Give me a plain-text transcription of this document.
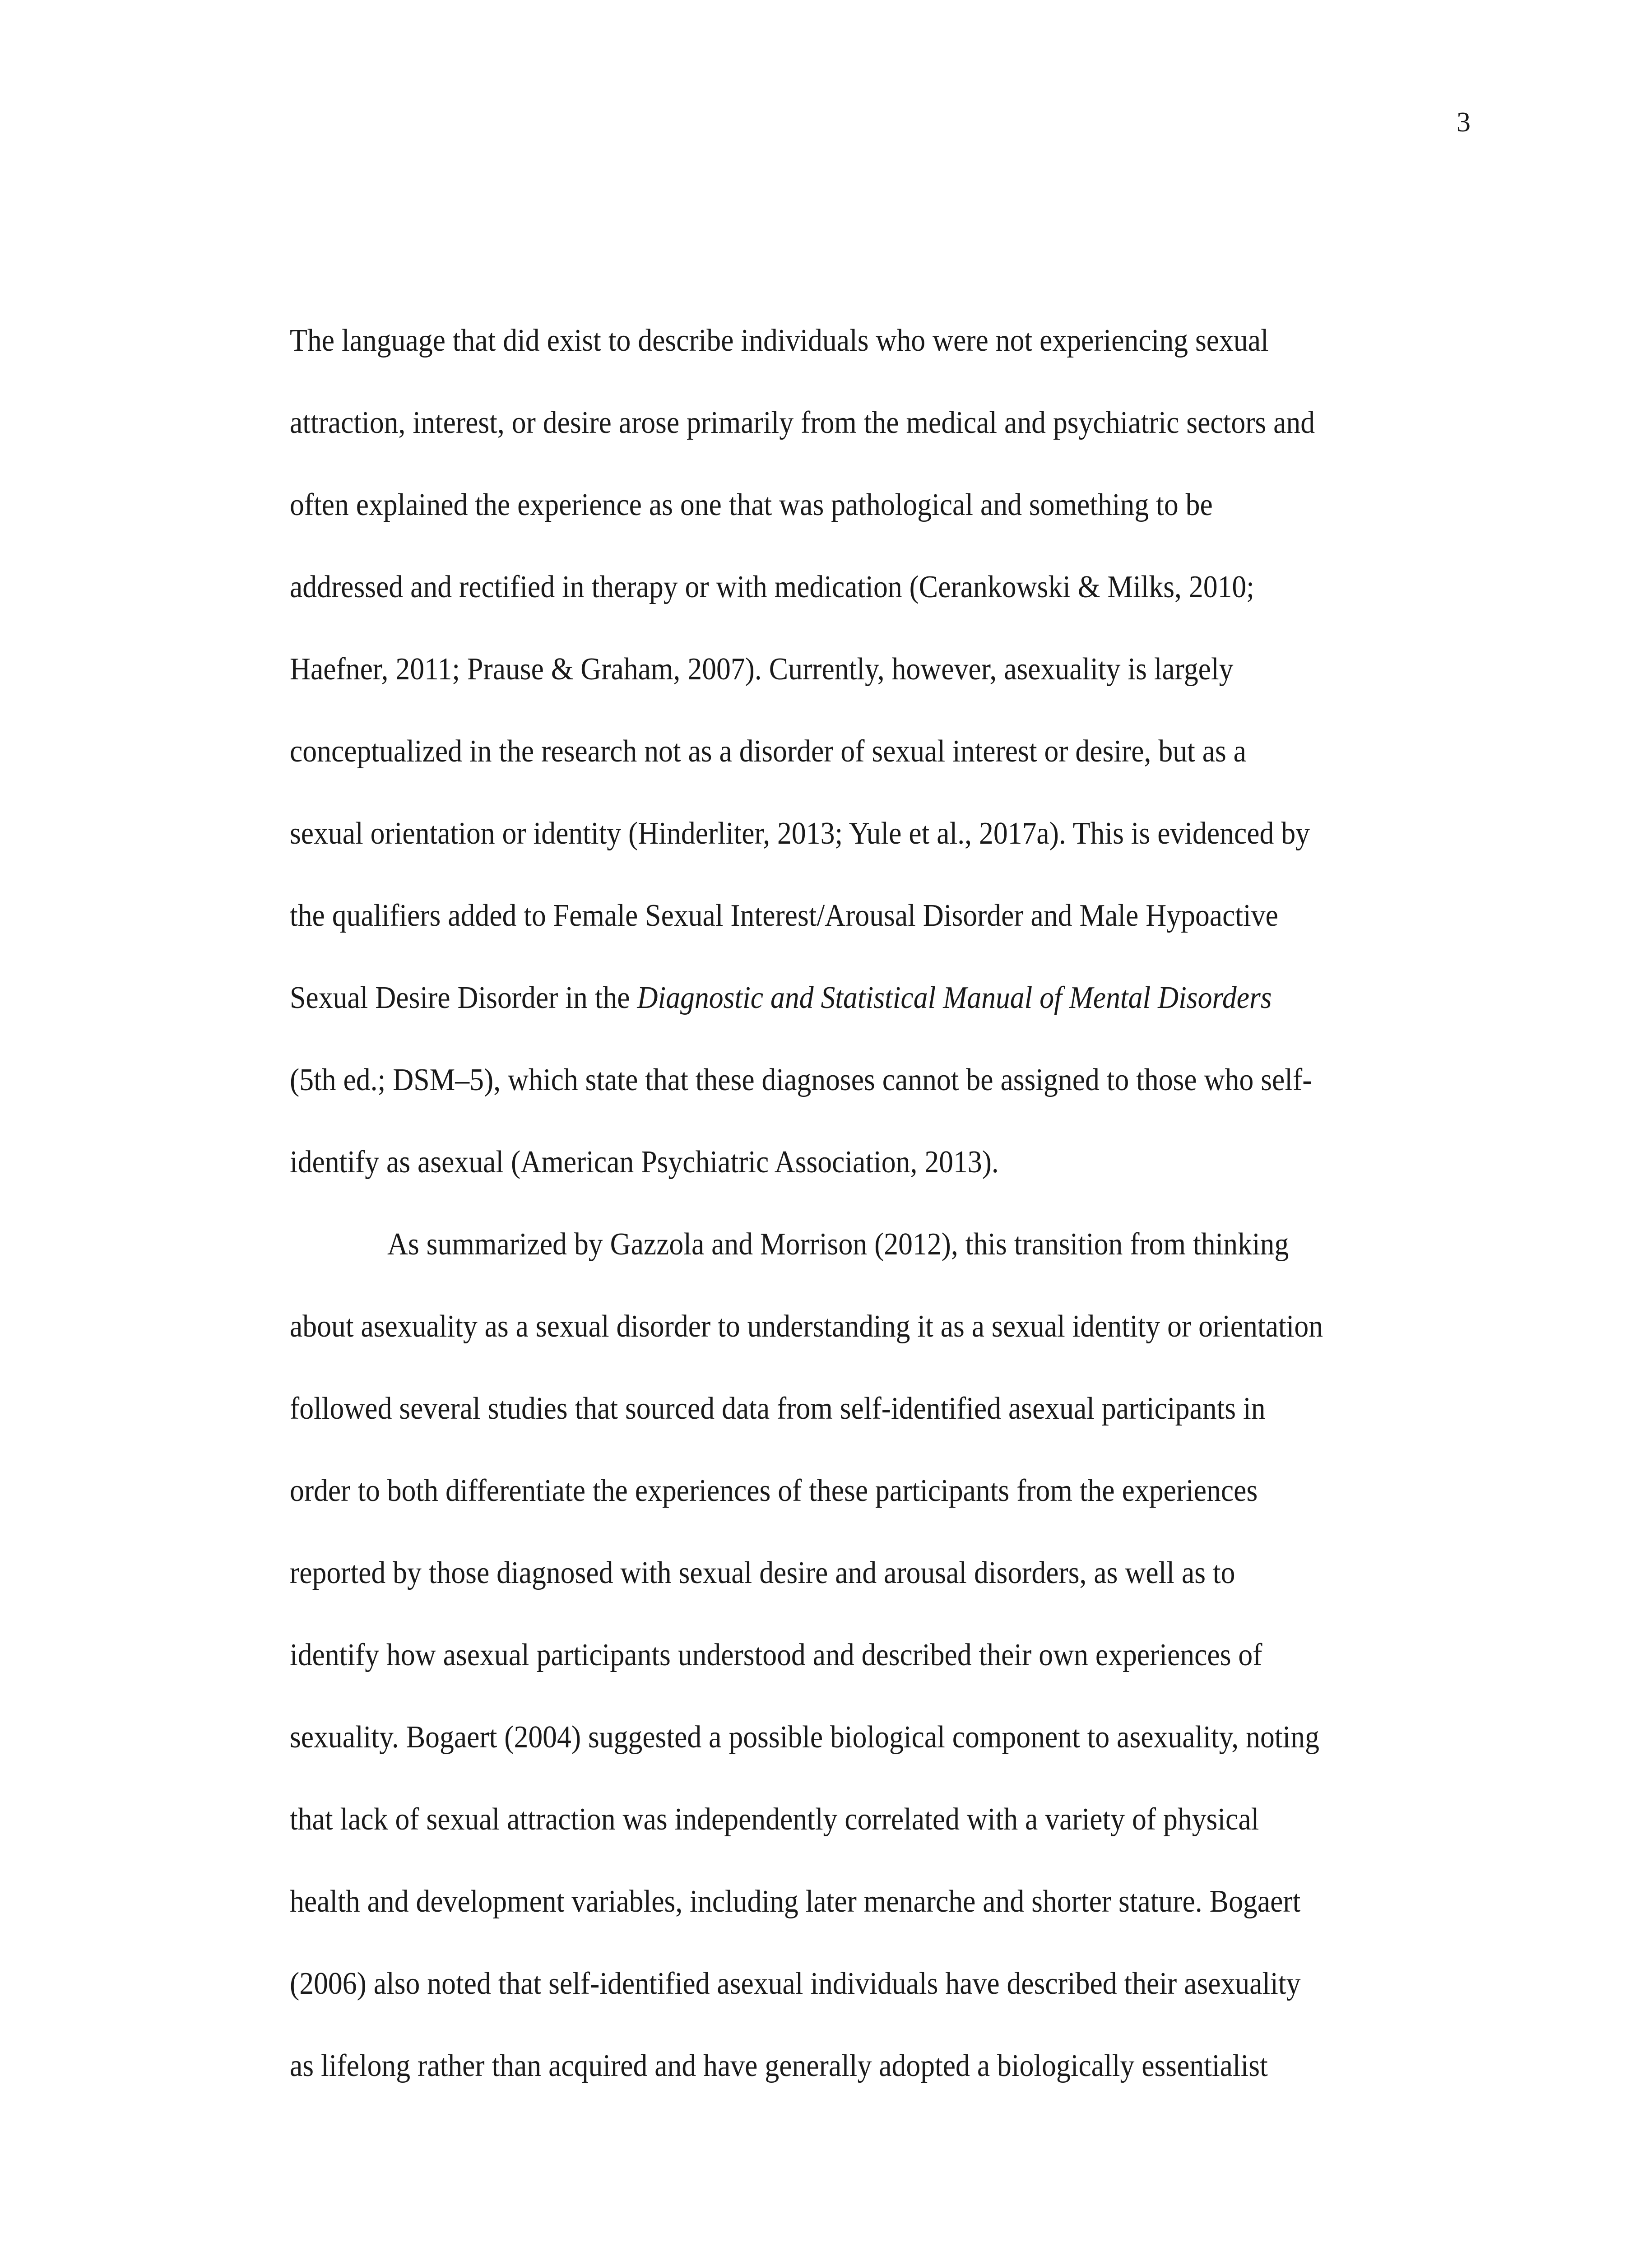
3
The language that did exist to describe individuals who were not experiencing sexual
attraction, interest, or desire arose primarily from the medical and psychiatric sectors and
often explained the experience as one that was pathological and something to be
addressed and rectified in therapy or with medication (Cerankowski & Milks, 2010;
Haefner, 2011; Prause & Graham, 2007). Currently, however, asexuality is largely
conceptualized in the research not as a disorder of sexual interest or desire, but as a
sexual orientation or identity (Hinderliter, 2013; Yule et al., 2017a). This is evidenced by
the qualifiers added to Female Sexual Interest/Arousal Disorder and Male Hypoactive
Sexual Desire Disorder in the Diagnostic and Statistical Manual of Mental Disorders
(5th ed.; DSM–5), which state that these diagnoses cannot be assigned to those who self-
identify as asexual (American Psychiatric Association, 2013).
As summarized by Gazzola and Morrison (2012), this transition from thinking
about asexuality as a sexual disorder to understanding it as a sexual identity or orientation
followed several studies that sourced data from self-identified asexual participants in
order to both differentiate the experiences of these participants from the experiences
reported by those diagnosed with sexual desire and arousal disorders, as well as to
identify how asexual participants understood and described their own experiences of
sexuality. Bogaert (2004) suggested a possible biological component to asexuality, noting
that lack of sexual attraction was independently correlated with a variety of physical
health and development variables, including later menarche and shorter stature. Bogaert
(2006) also noted that self-identified asexual individuals have described their asexuality
as lifelong rather than acquired and have generally adopted a biologically essentialist
